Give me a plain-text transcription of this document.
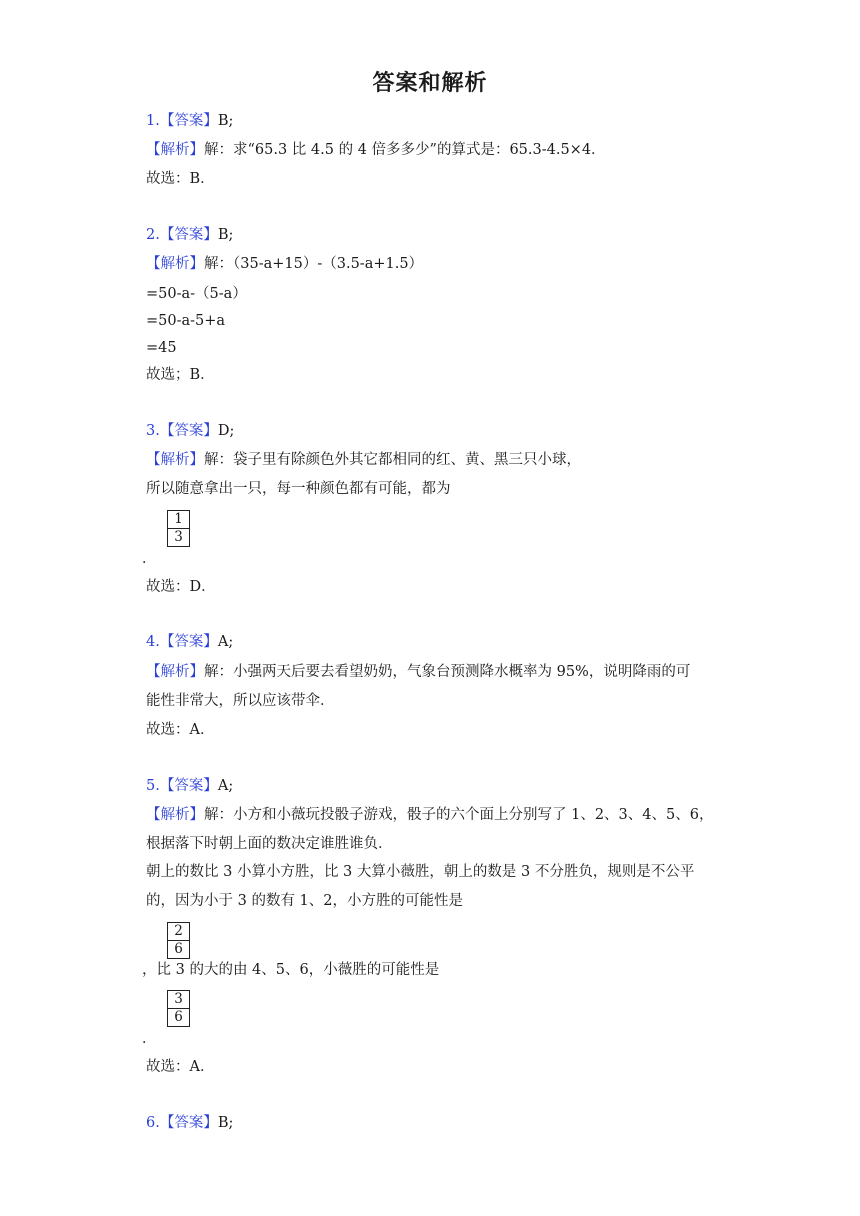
答案和解析
1.【答案】B;
【解析】解：求“65.3 比 4.5 的 4 倍多多少”的算式是：65.3-4.5×4．
故选：B．
2.【答案】B;
【解析】解：（35-a+15）-（3.5-a+1.5）
=50-a-（5-a）
=50-a-5+a
=45
故选；B．
3.【答案】D;
【解析】解：袋子里有除颜色外其它都相同的红、黄、黑三只小球，
所以随意拿出一只，每一种颜色都有可能，都为
$\frac{1}{3}$
．
故选：D．
4.【答案】A;
【解析】解：小强两天后要去看望奶奶，气象台预测降水概率为 95%，说明降雨的可
能性非常大，所以应该带伞．
故选：A．
5.【答案】A;
【解析】解：小方和小薇玩投骰子游戏，骰子的六个面上分别写了 1、2、3、4、5、6，
根据落下时朝上面的数决定谁胜谁负．
朝上的数比 3 小算小方胜，比 3 大算小薇胜，朝上的数是 3 不分胜负，规则是不公平
的，因为小于 3 的数有 1、2，小方胜的可能性是
$\frac{2}{6}$
，比 3 的大的由 4、5、6，小薇胜的可能性是
$\frac{3}{6}$
．
故选：A．
6.【答案】B;
